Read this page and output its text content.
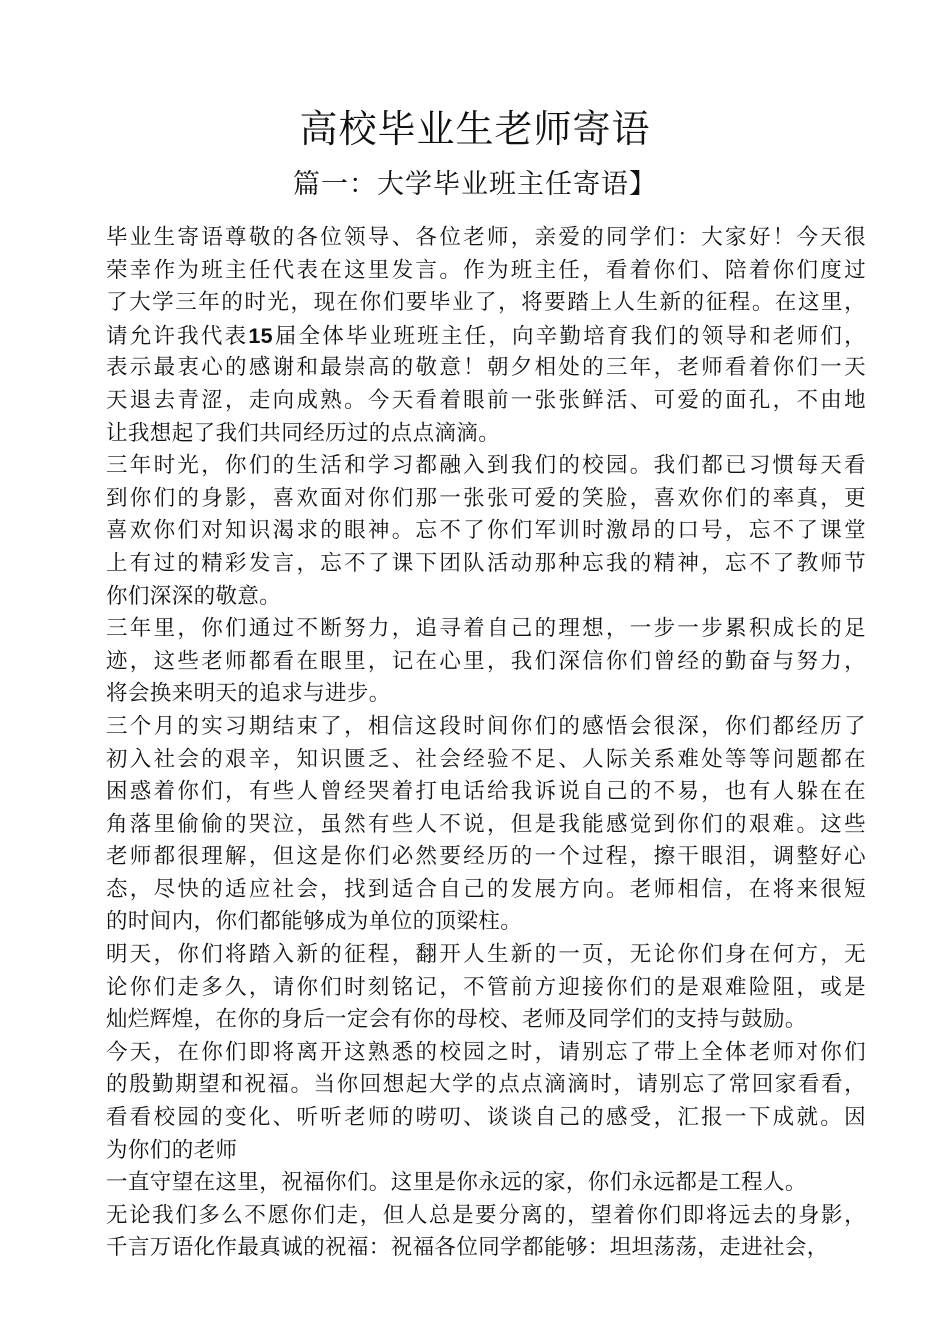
高校毕业生老师寄语
篇一：大学毕业班主任寄语】
毕业生寄语尊敬的各位领导、各位老师，亲爱的同学们：大家好！今天很
荣幸作为班主任代表在这里发言。作为班主任，看着你们、陪着你们度过
了大学三年的时光，现在你们要毕业了，将要踏上人生新的征程。在这里，
请允许我代表15届全体毕业班班主任，向辛勤培育我们的领导和老师们，
表示最衷心的感谢和最崇高的敬意！朝夕相处的三年，老师看着你们一天
天退去青涩，走向成熟。今天看着眼前一张张鲜活、可爱的面孔，不由地
让我想起了我们共同经历过的点点滴滴。
三年时光，你们的生活和学习都融入到我们的校园。我们都已习惯每天看
到你们的身影，喜欢面对你们那一张张可爱的笑脸，喜欢你们的率真，更
喜欢你们对知识渴求的眼神。忘不了你们军训时激昂的口号，忘不了课堂
上有过的精彩发言，忘不了课下团队活动那种忘我的精神，忘不了教师节
你们深深的敬意。
三年里，你们通过不断努力，追寻着自己的理想，一步一步累积成长的足
迹，这些老师都看在眼里，记在心里，我们深信你们曾经的勤奋与努力，
将会换来明天的追求与进步。
三个月的实习期结束了，相信这段时间你们的感悟会很深，你们都经历了
初入社会的艰辛，知识匮乏、社会经验不足、人际关系难处等等问题都在
困惑着你们，有些人曾经哭着打电话给我诉说自己的不易，也有人躲在在
角落里偷偷的哭泣，虽然有些人不说，但是我能感觉到你们的艰难。这些
老师都很理解，但这是你们必然要经历的一个过程，擦干眼泪，调整好心
态，尽快的适应社会，找到适合自己的发展方向。老师相信，在将来很短
的时间内，你们都能够成为单位的顶梁柱。
明天，你们将踏入新的征程，翻开人生新的一页，无论你们身在何方，无
论你们走多久，请你们时刻铭记，不管前方迎接你们的是艰难险阻，或是
灿烂辉煌，在你的身后一定会有你的母校、老师及同学们的支持与鼓励。
今天，在你们即将离开这熟悉的校园之时，请别忘了带上全体老师对你们
的殷勤期望和祝福。当你回想起大学的点点滴滴时，请别忘了常回家看看，
看看校园的变化、听听老师的唠叨、谈谈自己的感受，汇报一下成就。因
为你们的老师
一直守望在这里，祝福你们。这里是你永远的家，你们永远都是工程人。
无论我们多么不愿你们走，但人总是要分离的，望着你们即将远去的身影，
千言万语化作最真诚的祝福：祝福各位同学都能够：坦坦荡荡，走进社会，
